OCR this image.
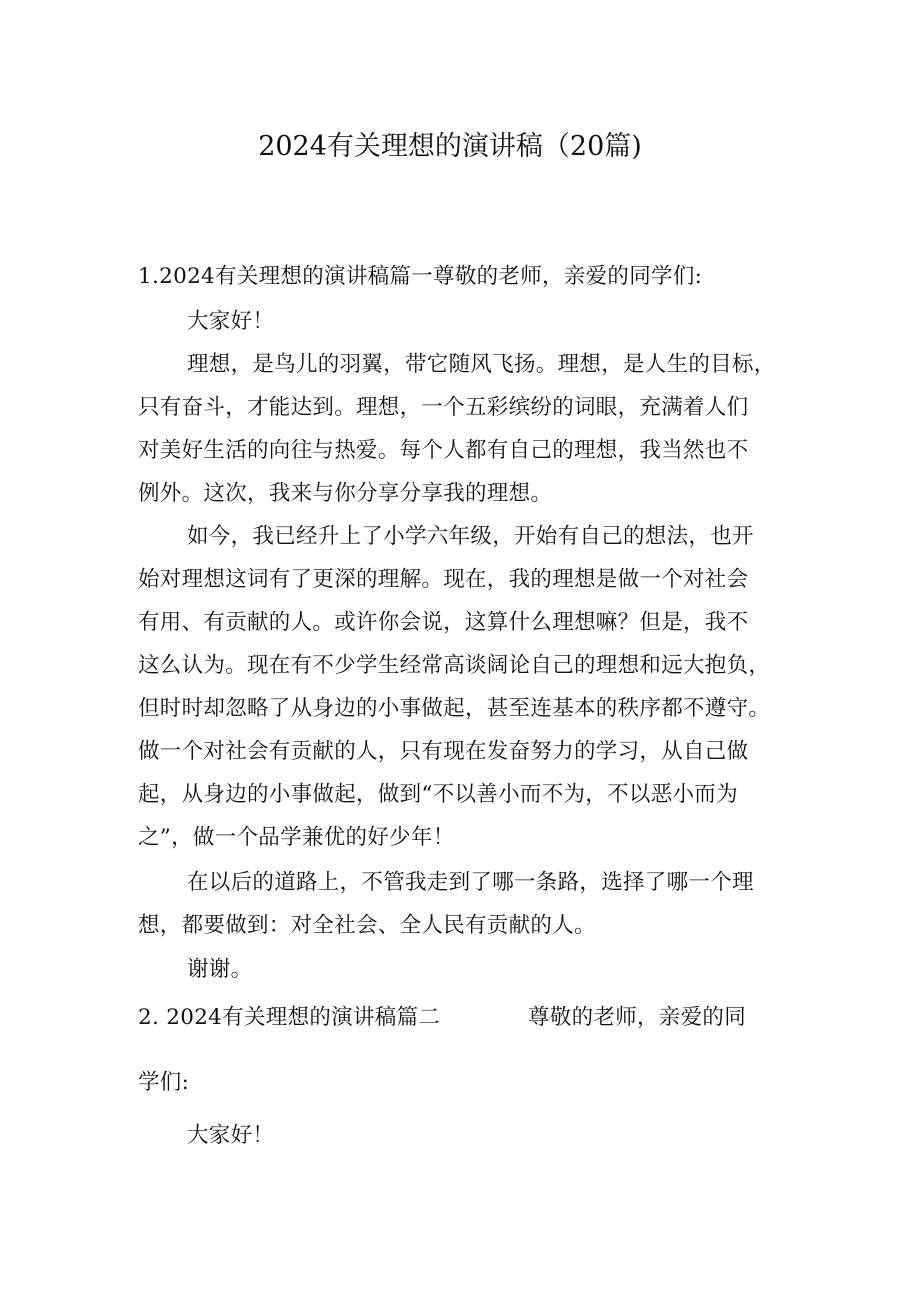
2024有关理想的演讲稿（20篇)
1.2024有关理想的演讲稿篇一尊敬的老师，亲爱的同学们:
大家好！
理想，是鸟儿的羽翼，带它随风飞扬。理想，是人生的目标，
只有奋斗，才能达到。理想，一个五彩缤纷的词眼，充满着人们
对美好生活的向往与热爱。每个人都有自己的理想，我当然也不
例外。这次，我来与你分享分享我的理想。
如今，我已经升上了小学六年级，开始有自己的想法，也开
始对理想这词有了更深的理解。现在，我的理想是做一个对社会
有用、有贡献的人。或许你会说，这算什么理想嘛？但是，我不
这么认为。现在有不少学生经常高谈阔论自己的理想和远大抱负，
但时时却忽略了从身边的小事做起，甚至连基本的秩序都不遵守。
做一个对社会有贡献的人，只有现在发奋努力的学习，从自己做
起，从身边的小事做起，做到“不以善小而不为，不以恶小而为
之”，做一个品学兼优的好少年！
在以后的道路上，不管我走到了哪一条路，选择了哪一个理
想，都要做到：对全社会、全人民有贡献的人。
谢谢。
2. 2024有关理想的演讲稿篇二	尊敬的老师，亲爱的同
学们:
大家好！
